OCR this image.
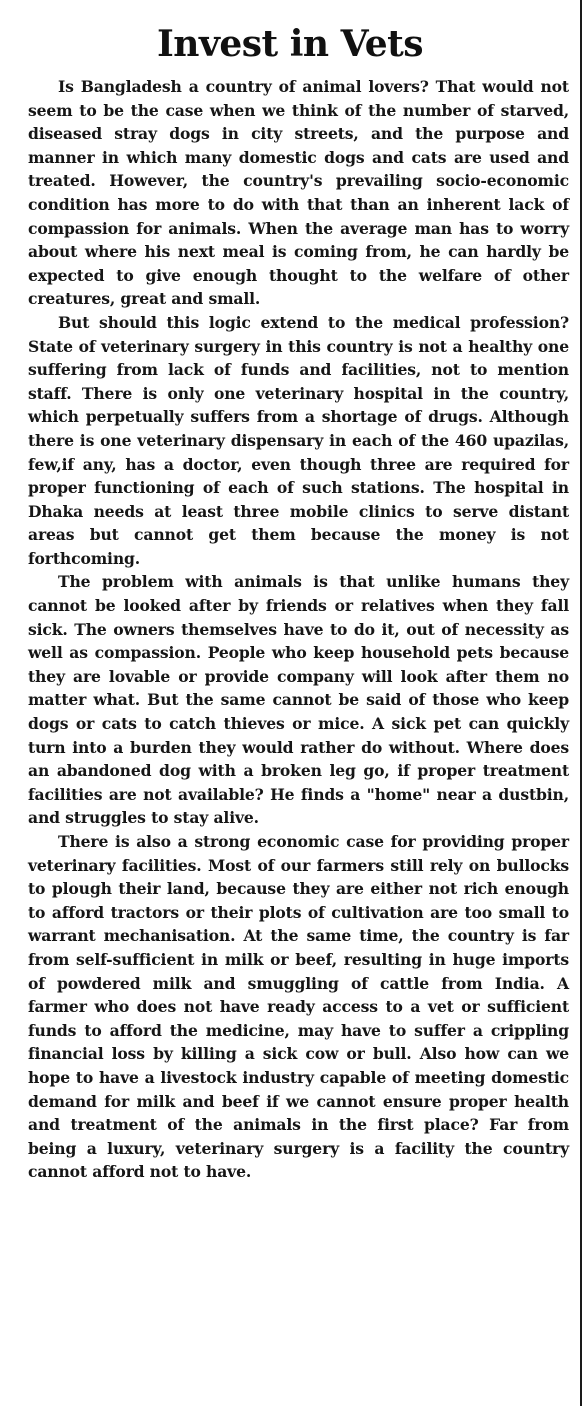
Invest in Vets

Is Bangladesh a country of animal lovers? That would not seem to be the case when we think of the number of starved, diseased stray dogs in city streets, and the purpose and manner in which many domestic dogs and cats are used and treated. However, the country's prevailing socio-economic condition has more to do with that than an inherent lack of compassion for animals. When the average man has to worry about where his next meal is coming from, he can hardly be expected to give enough thought to the welfare of other creatures, great and small.

But should this logic extend to the medical profession? State of veterinary surgery in this country is not a healthy one suffering from lack of funds and facilities, not to mention staff. There is only one veterinary hospital in the country, which perpetually suffers from a shortage of drugs. Although there is one veterinary dispensary in each of the 460 upazilas, few,if any, has a doctor, even though three are required for proper functioning of each of such stations. The hospital in Dhaka needs at least three mobile clinics to serve distant areas but cannot get them because the money is not forthcoming.

The problem with animals is that unlike humans they cannot be looked after by friends or relatives when they fall sick. The owners themselves have to do it, out of necessity as well as compassion. People who keep household pets because they are lovable or provide company will look after them no matter what. But the same cannot be said of those who keep dogs or cats to catch thieves or mice. A sick pet can quickly turn into a burden they would rather do without. Where does an abandoned dog with a broken leg go, if proper treatment facilities are not available? He finds a "home" near a dustbin, and struggles to stay alive.

There is also a strong economic case for providing proper veterinary facilities. Most of our farmers still rely on bullocks to plough their land, because they are either not rich enough to afford tractors or their plots of cultivation are too small to warrant mechanisation. At the same time, the country is far from self-sufficient in milk or beef, resulting in huge imports of powdered milk and smuggling of cattle from India. A farmer who does not have ready access to a vet or sufficient funds to afford the medicine, may have to suffer a crippling financial loss by killing a sick cow or bull. Also how can we hope to have a livestock industry capable of meeting domestic demand for milk and beef if we cannot ensure proper health and treatment of the animals in the first place? Far from being a luxury, veterinary surgery is a facility the country cannot afford not to have.
